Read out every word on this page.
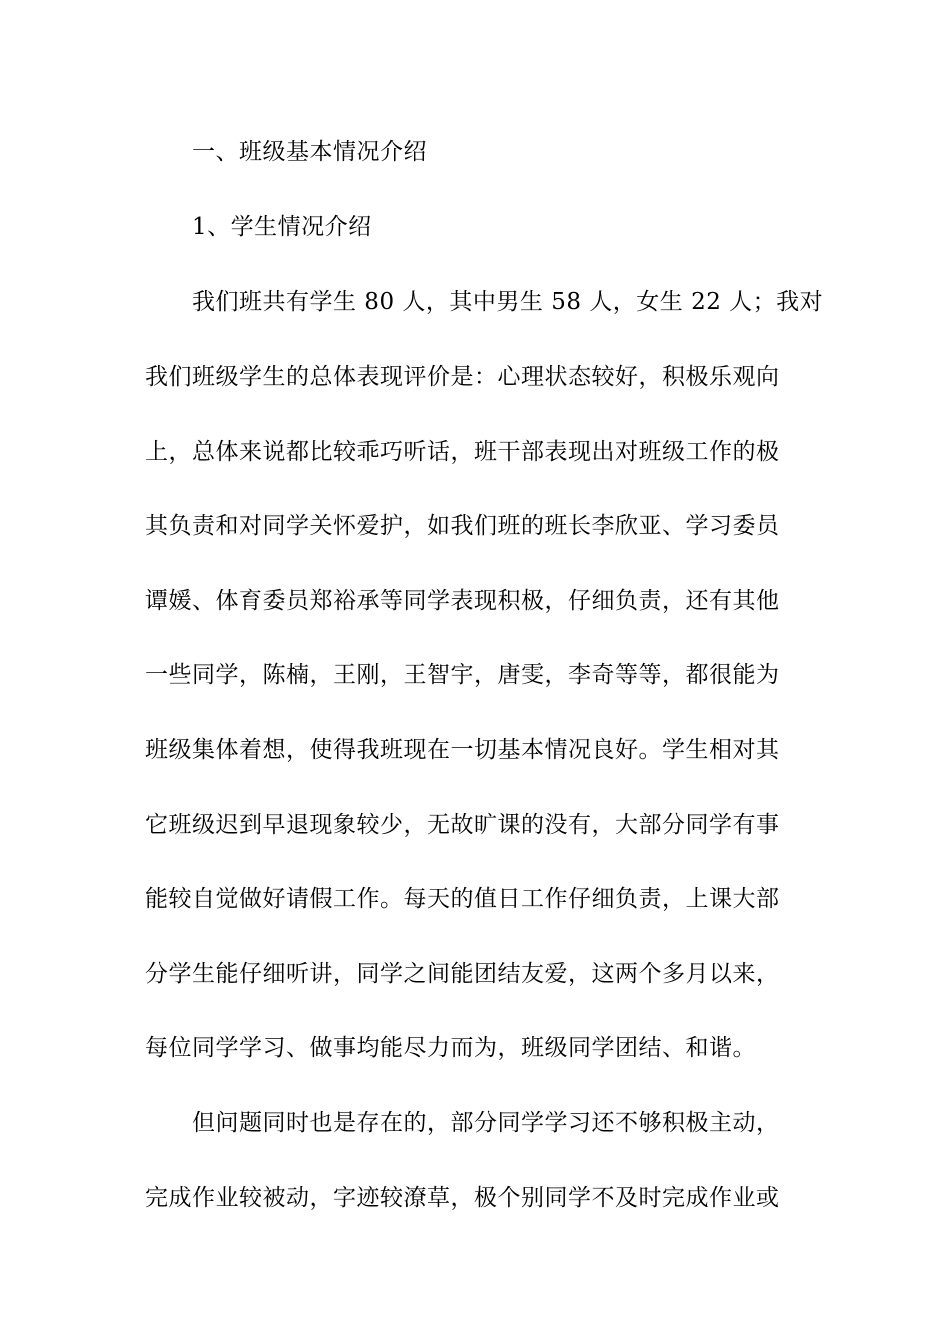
一、班级基本情况介绍
1、学生情况介绍
我们班共有学生 80 人，其中男生 58 人，女生 22 人；我对
我们班级学生的总体表现评价是：心理状态较好，积极乐观向
上，总体来说都比较乖巧听话，班干部表现出对班级工作的极
其负责和对同学关怀爱护，如我们班的班长李欣亚、学习委员
谭媛、体育委员郑裕承等同学表现积极，仔细负责，还有其他
一些同学，陈楠，王刚，王智宇，唐雯，李奇等等，都很能为
班级集体着想，使得我班现在一切基本情况良好。学生相对其
它班级迟到早退现象较少，无故旷课的没有，大部分同学有事
能较自觉做好请假工作。每天的值日工作仔细负责，上课大部
分学生能仔细听讲，同学之间能团结友爱，这两个多月以来，
每位同学学习、做事均能尽力而为，班级同学团结、和谐。
但问题同时也是存在的，部分同学学习还不够积极主动，
完成作业较被动，字迹较潦草，极个别同学不及时完成作业或
